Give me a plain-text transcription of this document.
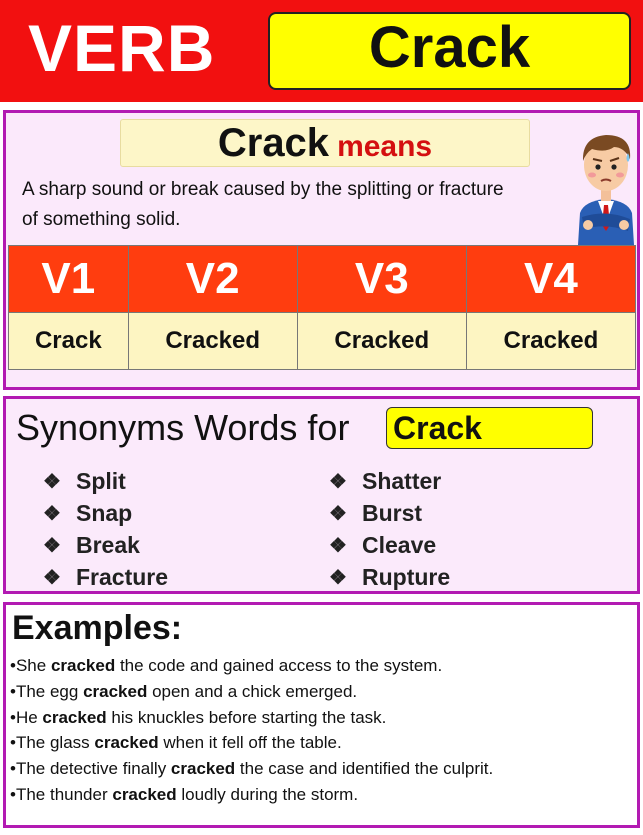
VERB	Crack
Crack means
A sharp sound or break caused by the splitting or fracture of something solid.
V1	V2	V3	V4
Crack	Cracked	Cracked	Cracked
Synonyms Words for Crack
❖ Split
❖ Snap
❖ Break
❖ Fracture
❖ Shatter
❖ Burst
❖ Cleave
❖ Rupture
Examples:
•She cracked the code and gained access to the system.
•The egg cracked open and a chick emerged.
•He cracked his knuckles before starting the task.
•The glass cracked when it fell off the table.
•The detective finally cracked the case and identified the culprit.
•The thunder cracked loudly during the storm.
